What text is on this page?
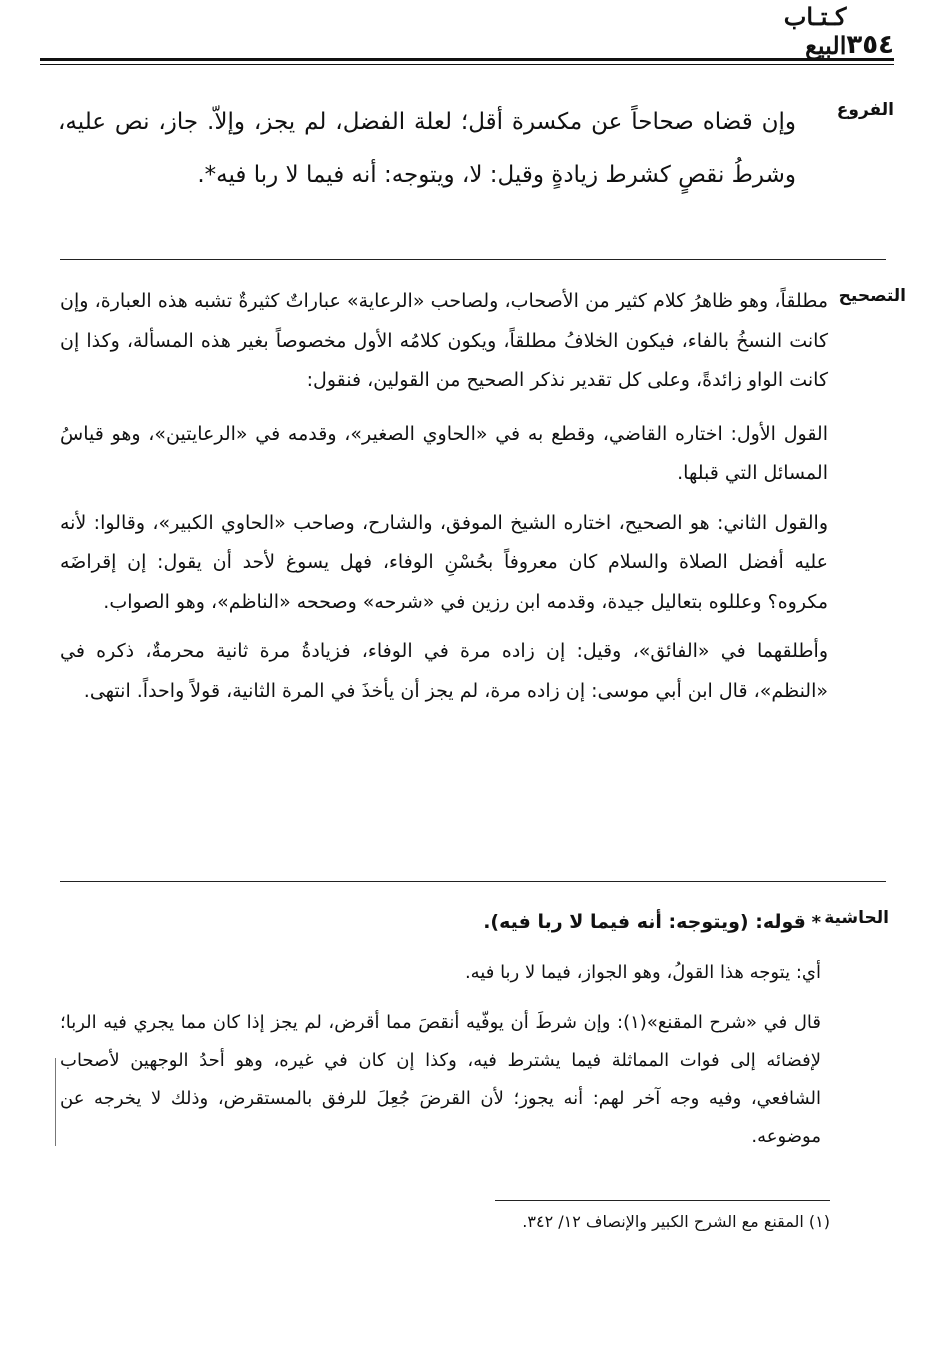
٣٥٤
كـتـاب البيع
الفروع
وإن قضاه صحاحاً عن مكسرة أقل؛ لعلة الفضل، لم يجز، وإلاّ. جاز، نص عليه، وشرطُ نقصٍ كشرط زيادةٍ وقيل: لا، ويتوجه: أنه فيما لا ربا فيه*.
التصحيح

مطلقاً، وهو ظاهرُ كلام كثير من الأصحاب، ولصاحب «الرعاية» عباراتٌ كثيرةٌ تشبه هذه العبارة، وإن كانت النسخُ بالفاء، فيكون الخلافُ مطلقاً، ويكون كلامُه الأول مخصوصاً بغير هذه المسألة، وكذا إن كانت الواو زائدةً، وعلى كل تقدير نذكر الصحيح من القولين، فنقول:

القول الأول: اختاره القاضي، وقطع به في «الحاوي الصغير»، وقدمه في «الرعايتين»، وهو قياسُ المسائل التي قبلها.

والقول الثاني: هو الصحيح، اختاره الشيخ الموفق، والشارح، وصاحب «الحاوي الكبير»، وقالوا: لأنه عليه أفضل الصلاة والسلام كان معروفاً بحُسْنِ الوفاء، فهل يسوغ لأحد أن يقول: إن إقراضَه مكروه؟ وعللوه بتعاليل جيدة، وقدمه ابن رزين في «شرحه» وصححه «الناظم»، وهو الصواب.

وأطلقهما في «الفائق»، وقيل: إن زاده مرة في الوفاء، فزيادةُ مرة ثانية محرمةٌ، ذكره في «النظم»، قال ابن أبي موسى: إن زاده مرة، لم يجز أن يأخذَ في المرة الثانية، قولاً واحداً. انتهى.

الحاشية

* قوله: (ويتوجه: أنه فيما لا ربا فيه).

أي: يتوجه هذا القولُ، وهو الجواز، فيما لا ربا فيه.

قال في «شرح المقنع»(١): وإن شرطَ أن يوفّيه أنقصَ مما أقرض، لم يجز إذا كان مما يجري فيه الربا؛ لإفضائه إلى فوات المماثلة فيما يشترط فيه، وكذا إن كان في غيره، وهو أحدُ الوجهين لأصحاب الشافعي، وفيه وجه آخر لهم: أنه يجوز؛ لأن القرضَ جُعِلَ للرفق بالمستقرض، وذلك لا يخرجه عن موضوعه.

(١) المقنع مع الشرح الكبير والإنصاف ١٢/ ٣٤٢.
